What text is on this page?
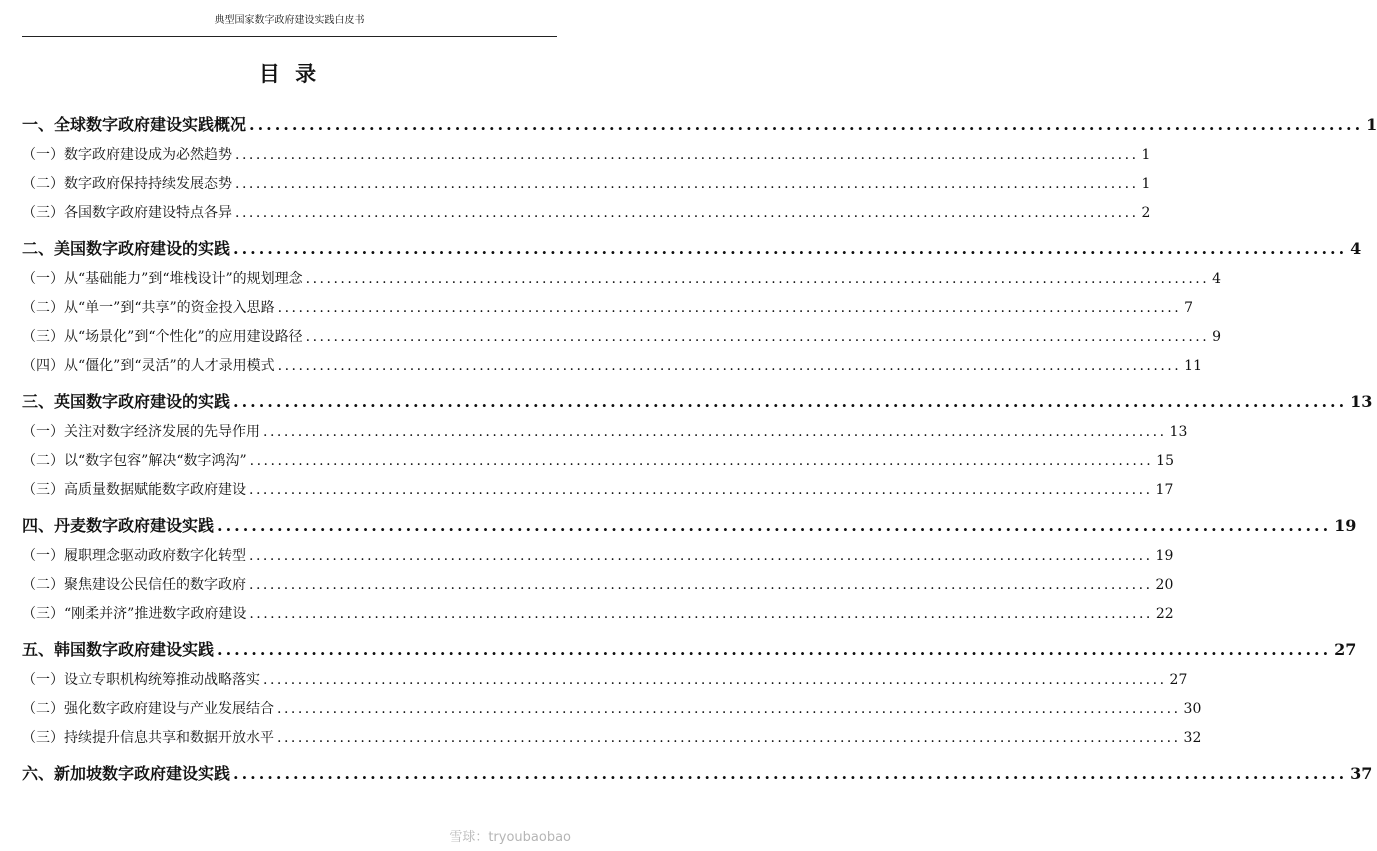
典型国家数字政府建设实践白皮书
目 录
一、全球数字政府建设实践概况 .................................................................................................................................. 1
（一）数字政府建设成为必然趋势 .................................................................................................................................. 1
（二）数字政府保持持续发展态势 .................................................................................................................................. 1
（三）各国数字政府建设特点各异 .................................................................................................................................. 2
二、美国数字政府建设的实践 .................................................................................................................................. 4
（一）从“基础能力”到“堆栈设计”的规划理念 .................................................................................................................................. 4
（二）从“单一”到“共享”的资金投入思路 .................................................................................................................................. 7
（三）从“场景化”到“个性化”的应用建设路径 .................................................................................................................................. 9
（四）从“僵化”到“灵活”的人才录用模式 .................................................................................................................................. 11
三、英国数字政府建设的实践 .................................................................................................................................. 13
（一）关注对数字经济发展的先导作用 .................................................................................................................................. 13
（二）以“数字包容”解决“数字鸿沟” .................................................................................................................................. 15
（三）高质量数据赋能数字政府建设 .................................................................................................................................. 17
四、丹麦数字政府建设实践 .................................................................................................................................. 19
（一）履职理念驱动政府数字化转型 .................................................................................................................................. 19
（二）聚焦建设公民信任的数字政府 .................................................................................................................................. 20
（三）“刚柔并济”推进数字政府建设 .................................................................................................................................. 22
五、韩国数字政府建设实践 .................................................................................................................................. 27
（一）设立专职机构统筹推动战略落实 .................................................................................................................................. 27
（二）强化数字政府建设与产业发展结合 .................................................................................................................................. 30
（三）持续提升信息共享和数据开放水平 .................................................................................................................................. 32
六、新加坡数字政府建设实践 .................................................................................................................................. 37
雪球：tryoubaobao
